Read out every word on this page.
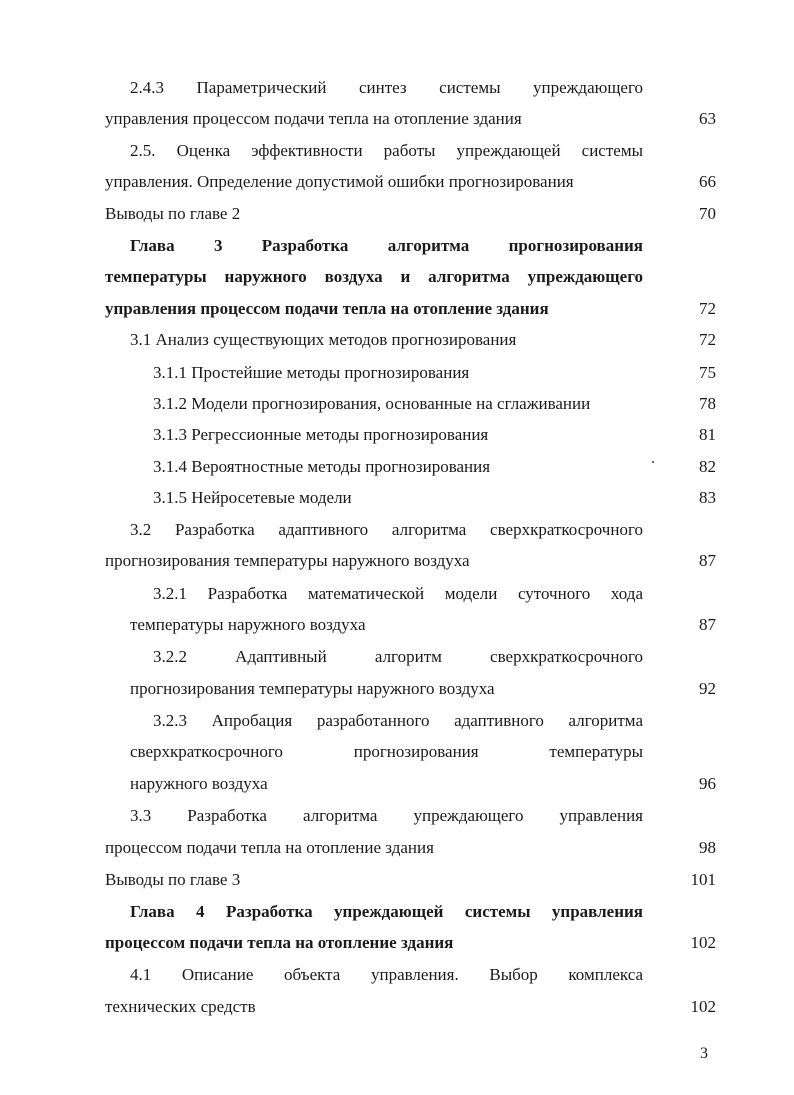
2.4.3 Параметрический синтез системы упреждающего
управления процессом подачи тепла на отопление здания	63
2.5. Оценка эффективности работы упреждающей системы
управления. Определение допустимой ошибки прогнозирования	66
Выводы по главе 2	70
Глава 3 Разработка алгоритма прогнозирования
температуры наружного воздуха и алгоритма упреждающего
управления процессом подачи тепла на отопление здания	72
3.1 Анализ существующих методов прогнозирования	72
3.1.1 Простейшие методы прогнозирования	75
3.1.2 Модели прогнозирования, основанные на сглаживании	78
3.1.3 Регрессионные методы прогнозирования	81
3.1.4 Вероятностные методы прогнозирования	82
3.1.5 Нейросетевые модели	83
3.2 Разработка адаптивного алгоритма сверхкраткосрочного
прогнозирования температуры наружного воздуха	87
3.2.1 Разработка математической модели суточного хода
температуры наружного воздуха	87
3.2.2 Адаптивный алгоритм сверхкраткосрочного
прогнозирования температуры наружного воздуха	92
3.2.3 Апробация разработанного адаптивного алгоритма
сверхкраткосрочного прогнозирования температуры
наружного воздуха	96
3.3 Разработка алгоритма упреждающего управления
процессом подачи тепла на отопление здания	98
Выводы по главе 3	101
Глава 4 Разработка упреждающей системы управления
процессом подачи тепла на отопление здания	102
4.1 Описание объекта управления. Выбор комплекса
технических средств	102
3
